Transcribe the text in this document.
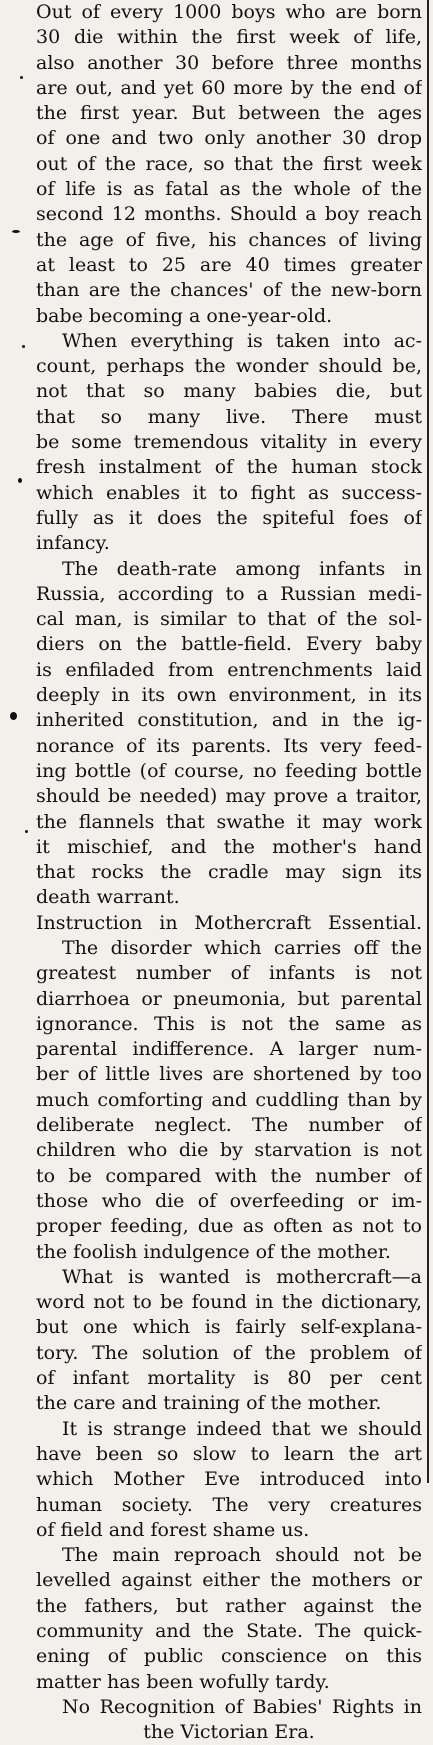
Out of every 1000 boys who are born
30 die within the first week of life,
also another 30 before three months
are out, and yet 60 more by the end of
the first year. But between the ages
of one and two only another 30 drop
out of the race, so that the first week
of life is as fatal as the whole of the
second 12 months. Should a boy reach
the age of five, his chances of living
at least to 25 are 40 times greater
than are the chances' of the new-born
babe becoming a one-year-old.
When everything is taken into ac-
count, perhaps the wonder should be,
not that so many babies die, but
that so many live. There must
be some tremendous vitality in every
fresh instalment of the human stock
which enables it to fight as success-
fully as it does the spiteful foes of
infancy.
The death-rate among infants in
Russia, according to a Russian medi-
cal man, is similar to that of the sol-
diers on the battle-field. Every baby
is enfiladed from entrenchments laid
deeply in its own environment, in its
inherited constitution, and in the ig-
norance of its parents. Its very feed-
ing bottle (of course, no feeding bottle
should be needed) may prove a traitor,
the flannels that swathe it may work
it mischief, and the mother's hand
that rocks the cradle may sign its
death warrant.
Instruction in Mothercraft Essential.
The disorder which carries off the
greatest number of infants is not
diarrhoea or pneumonia, but parental
ignorance. This is not the same as
parental indifference. A larger num-
ber of little lives are shortened by too
much comforting and cuddling than by
deliberate neglect. The number of
children who die by starvation is not
to be compared with the number of
those who die of overfeeding or im-
proper feeding, due as often as not to
the foolish indulgence of the mother.
What is wanted is mothercraft—a
word not to be found in the dictionary,
but one which is fairly self-explana-
tory. The solution of the problem of
of infant mortality is 80 per cent
the care and training of the mother.
It is strange indeed that we should
have been so slow to learn the art
which Mother Eve introduced into
human society. The very creatures
of field and forest shame us.
The main reproach should not be
levelled against either the mothers or
the fathers, but rather against the
community and the State. The quick-
ening of public conscience on this
matter has been wofully tardy.
No Recognition of Babies' Rights in
the Victorian Era.
